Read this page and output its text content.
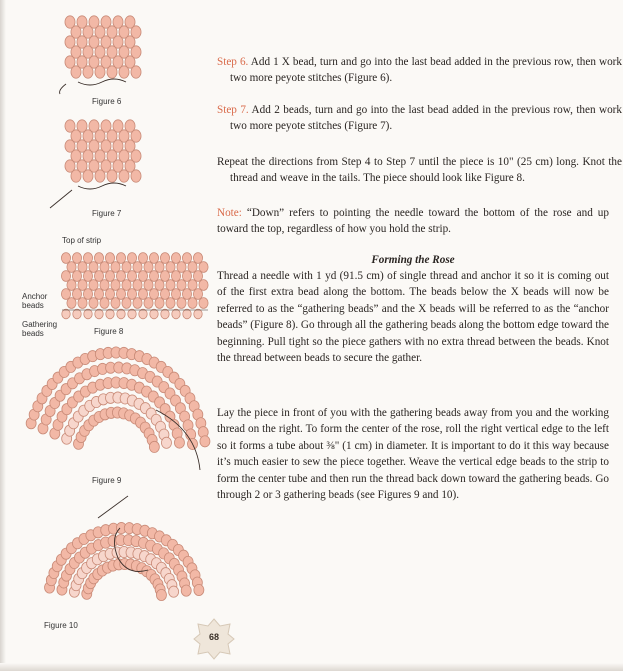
Figure 6
Figure 7
Top of strip
Anchor beads
Gathering beads	Figure 8
Figure 9
Figure 10

Step 6. Add 1 X bead, turn and go into the last bead added in the previous row, then work two more peyote stitches (Figure 6).

Step 7. Add 2 beads, turn and go into the last bead added in the previous row, then work two more peyote stitches (Figure 7).

Repeat the directions from Step 4 to Step 7 until the piece is 10" (25 cm) long. Knot the thread and weave in the tails. The piece should look like Figure 8.

Note: “Down” refers to pointing the needle toward the bottom of the rose and up toward the top, regardless of how you hold the strip.

Forming the Rose

Thread a needle with 1 yd (91.5 cm) of single thread and anchor it so it is coming out of the first extra bead along the bottom. The beads below the X beads will now be referred to as the “gathering beads” and the X beads will be referred to as the “anchor beads” (Figure 8). Go through all the gathering beads along the bottom edge toward the beginning. Pull tight so the piece gathers with no extra thread between the beads. Knot the thread between beads to secure the gather.

Lay the piece in front of you with the gathering beads away from you and the working thread on the right. To form the center of the rose, roll the right vertical edge to the left so it forms a tube about ⅜" (1 cm) in diameter. It is important to do it this way because it’s much easier to sew the piece together. Weave the vertical edge beads to the strip to form the center tube and then run the thread back down toward the gathering beads. Go through 2 or 3 gathering beads (see Figures 9 and 10).

68
